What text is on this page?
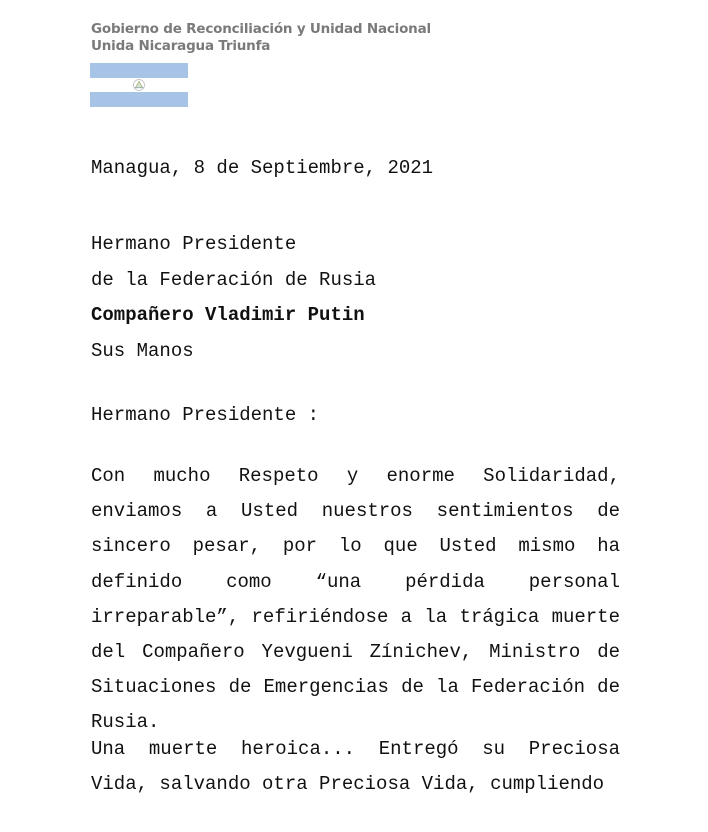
Gobierno de Reconciliación y Unidad Nacional
Unida Nicaragua Triunfa
Managua, 8 de Septiembre, 2021
Hermano Presidente
de la Federación de Rusia
Compañero Vladimir Putin
Sus Manos
Hermano Presidente :
Con mucho Respeto y enorme Solidaridad, enviamos a Usted nuestros sentimientos de sincero pesar, por lo que Usted mismo ha definido como “una pérdida personal irreparable”, refiriéndose a la trágica muerte del Compañero Yevgueni Zínichev, Ministro de Situaciones de Emergencias de la Federación de Rusia.
Una muerte heroica... Entregó su Preciosa Vida, salvando otra Preciosa Vida, cumpliendo
